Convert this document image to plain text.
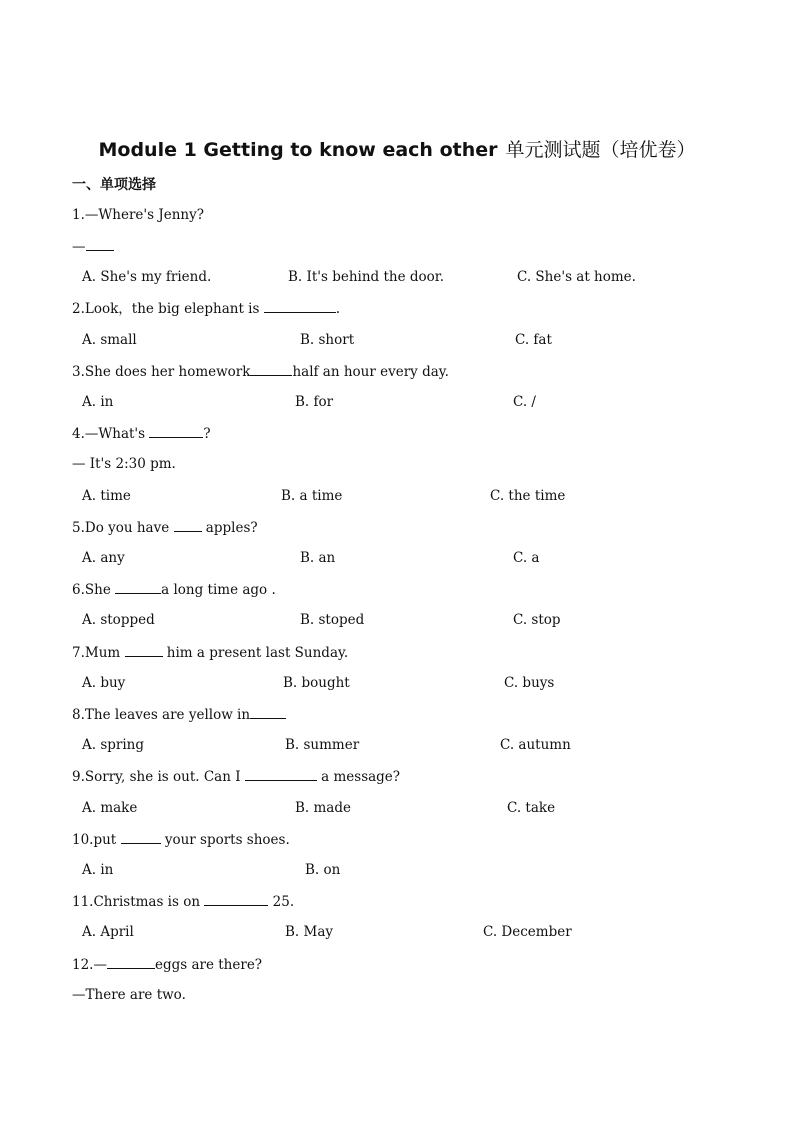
Module 1 Getting to know each other 单元测试题（培优卷）
一、单项选择
1.—Where's Jenny?
—
A. She's my friend.	B. It's behind the door.	C. She's at home.
2.Look，the big elephant is	.
A. small	B. short	C. fat
3.She does her homework	half an hour every day.
A. in	B. for	C. /
4.—What's	?
— It's 2:30 pm.
A. time	B. a time	C. the time
5.Do you have  apples?
A. any	B. an	C. a
6.She	a long time ago .
A. stopped	B. stoped	C. stop
7.Mum	him a present last Sunday.
A. buy	B. bought	C. buys
8.The leaves are yellow in
A. spring	B. summer	C. autumn
9.Sorry, she is out. Can I	a message?
A. make	B. made	C. take
10.put	your sports shoes.
A. in	B. on
11.Christmas is on	25.
A. April	B. May	C. December
12.—	eggs are there?
—There are two.
